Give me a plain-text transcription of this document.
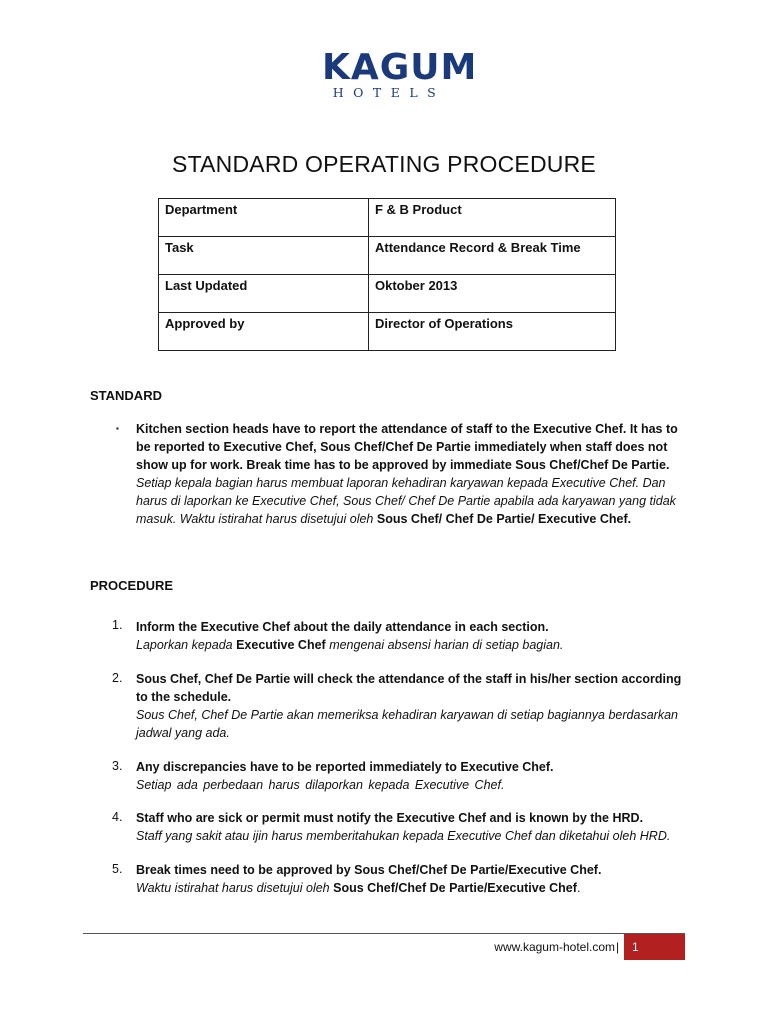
KAGUM
HOTELS
STANDARD OPERATING PROCEDURE
Department	F & B Product
Task	Attendance Record & Break Time
Last Updated	Oktober 2013
Approved by	Director of Operations
STANDARD
▪ Kitchen section heads have to report the attendance of staff to the Executive Chef. It has to be reported to Executive Chef, Sous Chef/Chef De Partie immediately when staff does not show up for work. Break time has to be approved by immediate Sous Chef/Chef De Partie.
Setiap kepala bagian harus membuat laporan kehadiran karyawan kepada Executive Chef. Dan harus di laporkan ke Executive Chef, Sous Chef/ Chef De Partie apabila ada karyawan yang tidak masuk. Waktu istirahat harus disetujui oleh Sous Chef/ Chef De Partie/ Executive Chef.
PROCEDURE
1. Inform the Executive Chef about the daily attendance in each section.
Laporkan kepada Executive Chef mengenai absensi harian di setiap bagian.
2. Sous Chef, Chef De Partie will check the attendance of the staff in his/her section according to the schedule.
Sous Chef, Chef De Partie akan memeriksa kehadiran karyawan di setiap bagiannya berdasarkan jadwal yang ada.
3. Any discrepancies have to be reported immediately to Executive Chef.
Setiap ada perbedaan harus dilaporkan kepada Executive Chef.
4. Staff who are sick or permit must notify the Executive Chef and is known by the HRD.
Staff yang sakit atau ijin harus memberitahukan kepada Executive Chef dan diketahui oleh HRD.
5. Break times need to be approved by Sous Chef/Chef De Partie/Executive Chef.
Waktu istirahat harus disetujui oleh Sous Chef/Chef De Partie/Executive Chef.
www.kagum-hotel.com | 1
